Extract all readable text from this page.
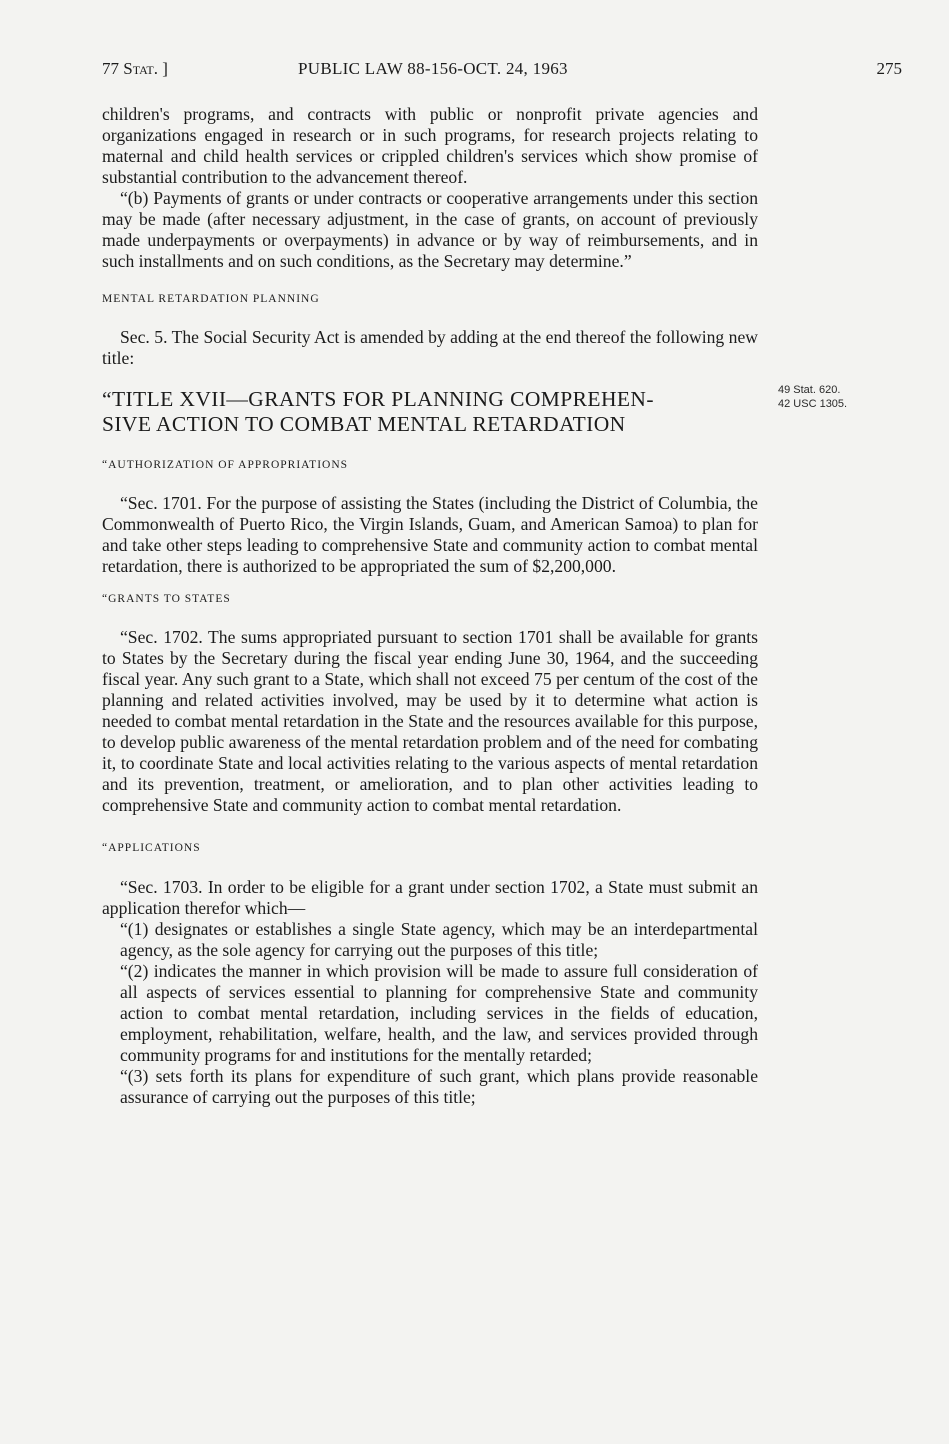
77 Stat. ]	PUBLIC LAW 88-156-OCT. 24, 1963	275
49 Stat. 620.
42 USC 1305.

children's programs, and contracts with public or nonprofit private agencies and organizations engaged in research or in such programs, for research projects relating to maternal and child health services or crippled children's services which show promise of substantial contribution to the advancement thereof.

“(b) Payments of grants or under contracts or cooperative arrangements under this section may be made (after necessary adjustment, in the case of grants, on account of previously made underpayments or overpayments) in advance or by way of reimbursements, and in such installments and on such conditions, as the Secretary may determine.”

MENTAL RETARDATION PLANNING

Sec. 5. The Social Security Act is amended by adding at the end thereof the following new title:

“TITLE XVII—GRANTS FOR PLANNING COMPREHEN-

SIVE ACTION TO COMBAT MENTAL RETARDATION

“AUTHORIZATION OF APPROPRIATIONS

“Sec. 1701. For the purpose of assisting the States (including the District of Columbia, the Commonwealth of Puerto Rico, the Virgin Islands, Guam, and American Samoa) to plan for and take other steps leading to comprehensive State and community action to combat mental retardation, there is authorized to be appropriated the sum of $2,200,000.

“GRANTS TO STATES

“Sec. 1702. The sums appropriated pursuant to section 1701 shall be available for grants to States by the Secretary during the fiscal year ending June 30, 1964, and the succeeding fiscal year. Any such grant to a State, which shall not exceed 75 per centum of the cost of the planning and related activities involved, may be used by it to determine what action is needed to combat mental retardation in the State and the resources available for this purpose, to develop public awareness of the mental retardation problem and of the need for combating it, to coordinate State and local activities relating to the various aspects of mental retardation and its prevention, treatment, or amelioration, and to plan other activities leading to comprehensive State and community action to combat mental retardation.

“APPLICATIONS

“Sec. 1703. In order to be eligible for a grant under section 1702, a State must submit an application therefor which—

“(1) designates or establishes a single State agency, which may be an interdepartmental agency, as the sole agency for carrying out the purposes of this title;

“(2) indicates the manner in which provision will be made to assure full consideration of all aspects of services essential to planning for comprehensive State and community action to combat mental retardation, including services in the fields of education, employment, rehabilitation, welfare, health, and the law, and services provided through community programs for and institutions for the mentally retarded;

“(3) sets forth its plans for expenditure of such grant, which plans provide reasonable assurance of carrying out the purposes of this title;
